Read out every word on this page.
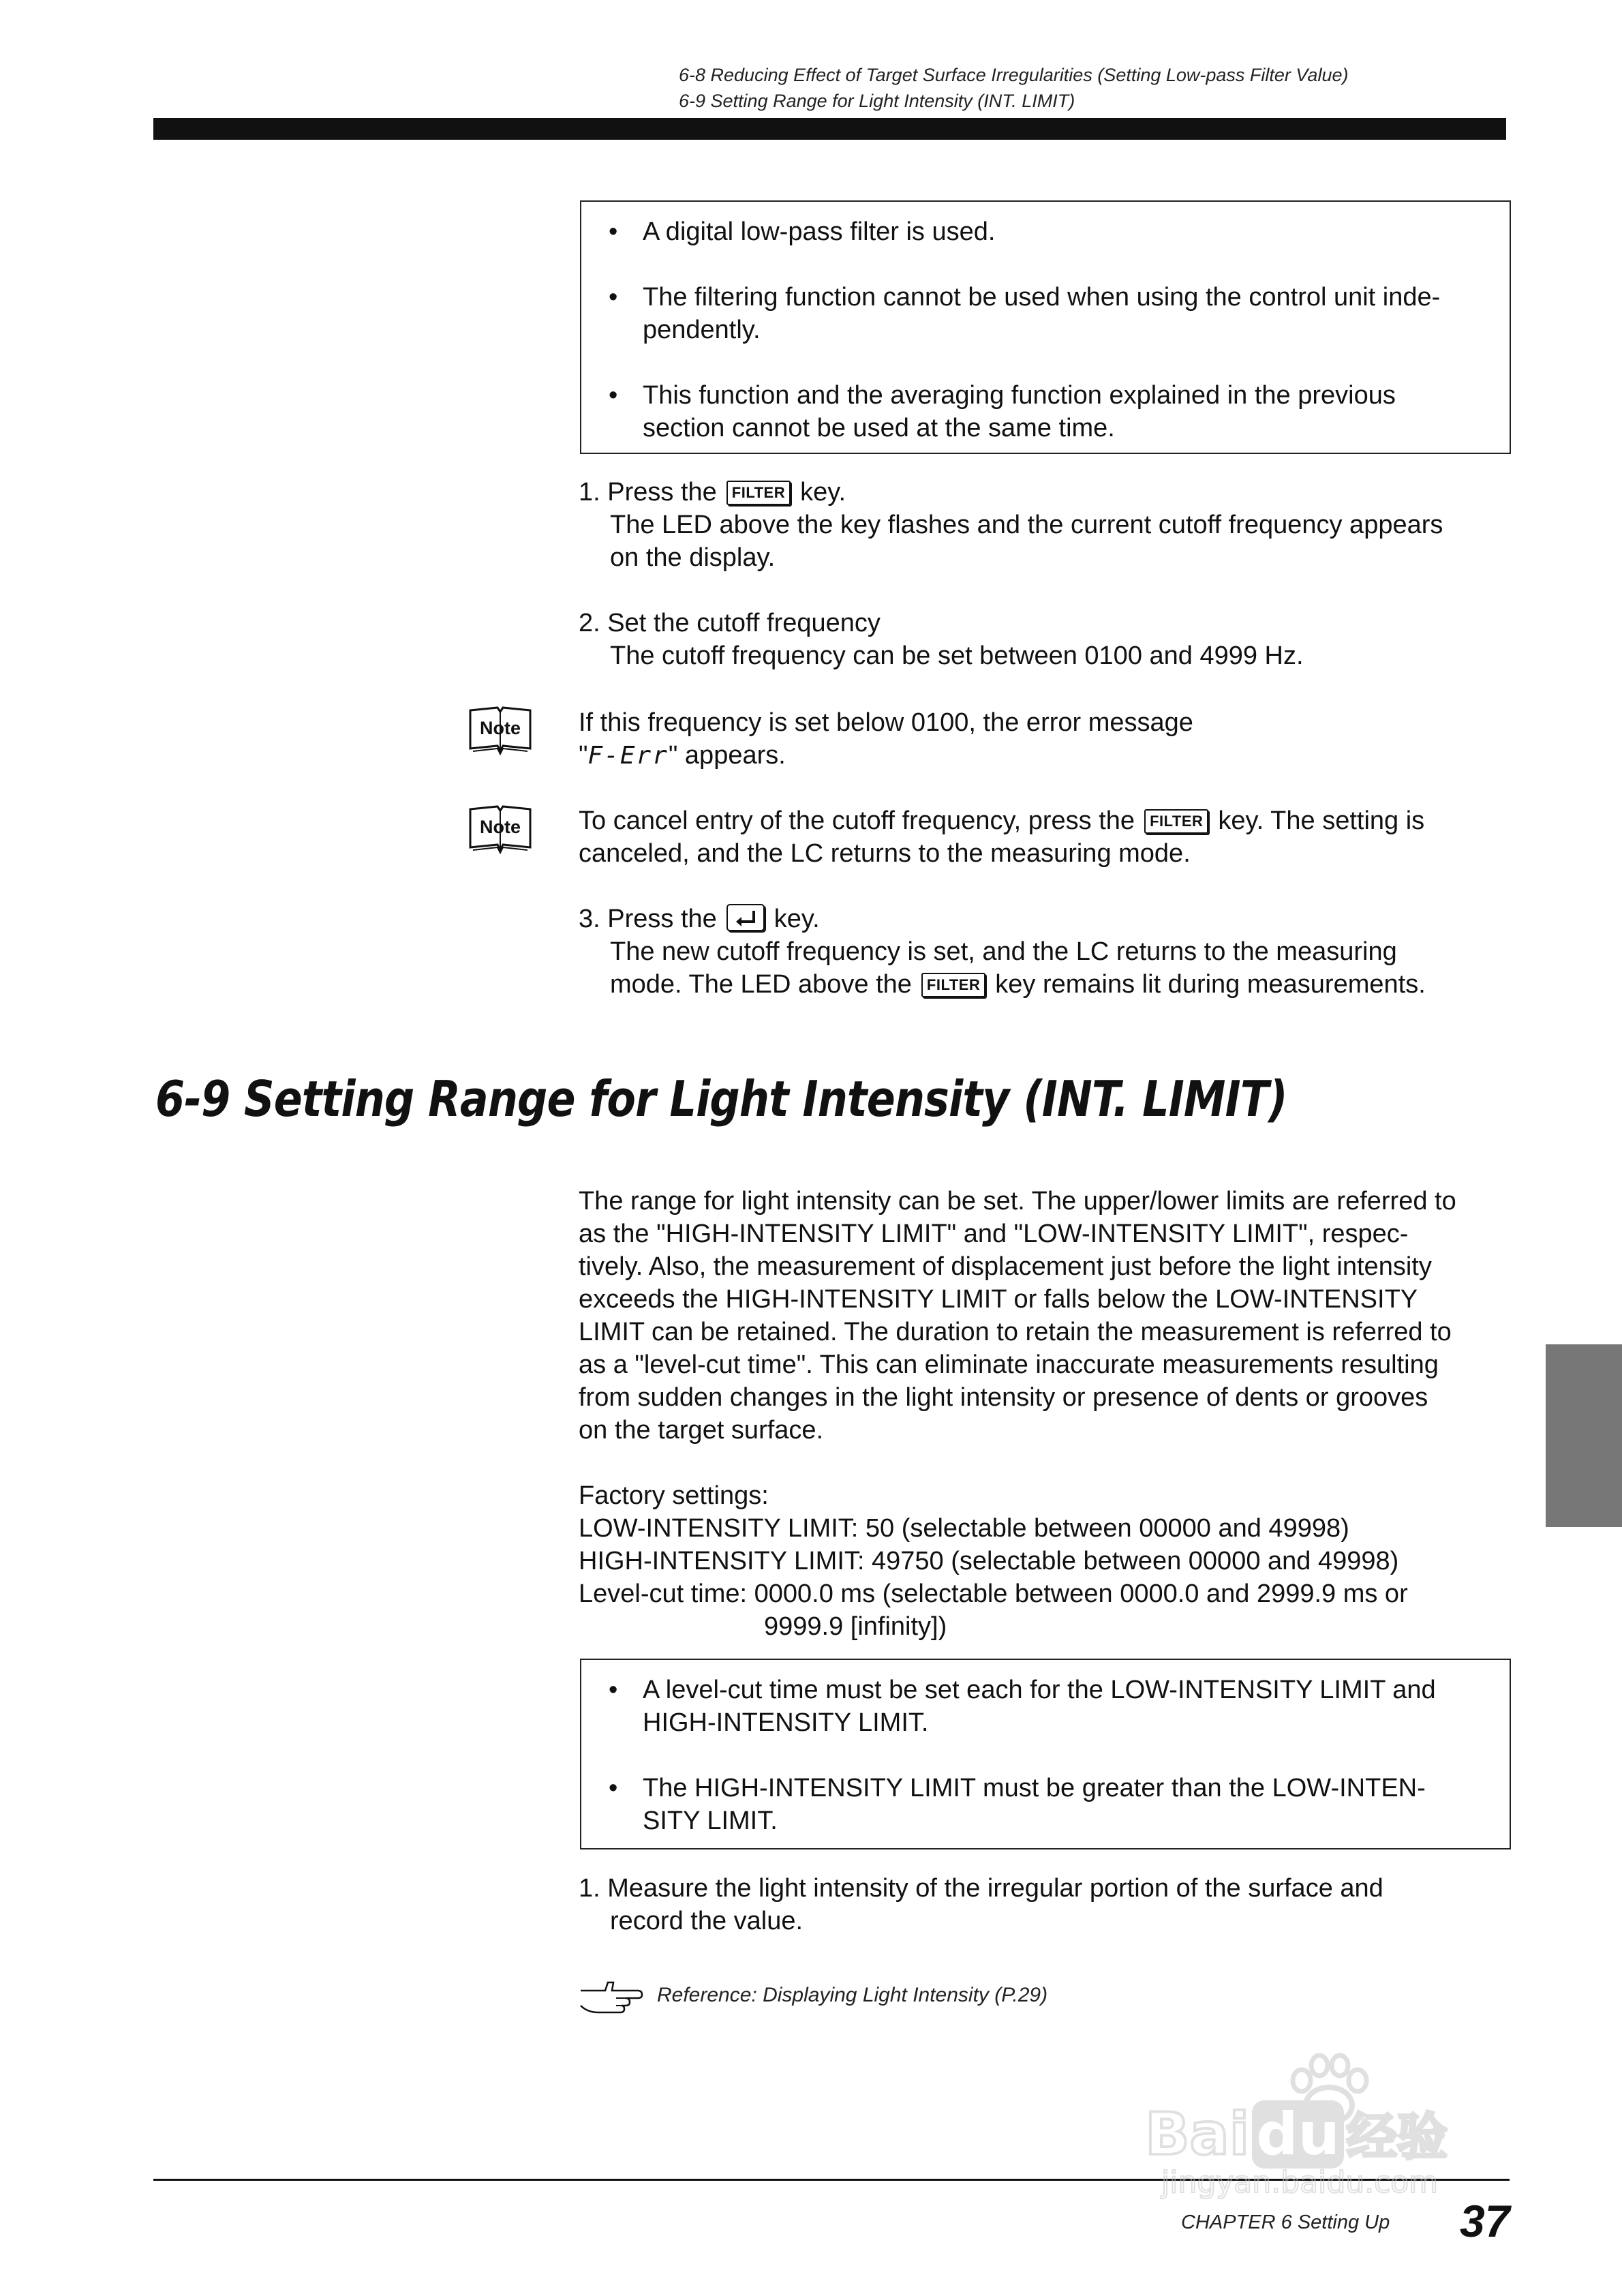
6-8 Reducing Effect of Target Surface Irregularities (Setting Low-pass Filter Value)
6-9 Setting Range for Light Intensity (INT. LIMIT)
• A digital low-pass filter is used.
• The filtering function cannot be used when using the control unit inde-
pendently.
• This function and the averaging function explained in the previous
section cannot be used at the same time.

1. Press the FILTER key.

The LED above the key flashes and the current cutoff frequency appears
on the display.

2. Set the cutoff frequency

The cutoff frequency can be set between 0100 and 4999 Hz.

Note If this frequency is set below 0100, the error message

"F-Err" appears.

Note To cancel entry of the cutoff frequency, press the FILTER key. The setting is

canceled, and the LC returns to the measuring mode.

3. Press the key.

The new cutoff frequency is set, and the LC returns to the measuring

mode. The LED above the FILTER key remains lit during measurements.

6-9 Setting Range for Light Intensity (INT. LIMIT)
The range for light intensity can be set. The upper/lower limits are referred to
as the "HIGH-INTENSITY LIMIT" and "LOW-INTENSITY LIMIT", respec-
tively. Also, the measurement of displacement just before the light intensity
exceeds the HIGH-INTENSITY LIMIT or falls below the LOW-INTENSITY
LIMIT can be retained. The duration to retain the measurement is referred to
as a "level-cut time". This can eliminate inaccurate measurements resulting
from sudden changes in the light intensity or presence of dents or grooves
on the target surface.

Factory settings:

LOW-INTENSITY LIMIT: 50 (selectable between 00000 and 49998)

HIGH-INTENSITY LIMIT: 49750 (selectable between 00000 and 49998)

Level-cut time: 0000.0 ms (selectable between 0000.0 and 2999.9 ms or

9999.9 [infinity])

• A level-cut time must be set each for the LOW-INTENSITY LIMIT and
HIGH-INTENSITY LIMIT.
• The HIGH-INTENSITY LIMIT must be greater than the LOW-INTEN-
SITY LIMIT.

1. Measure the light intensity of the irregular portion of the surface and
record the value.

Reference: Displaying Light Intensity (P.29)
CHAPTER 6 Setting Up 37
Bai du 经验
jingyan.baidu.com
